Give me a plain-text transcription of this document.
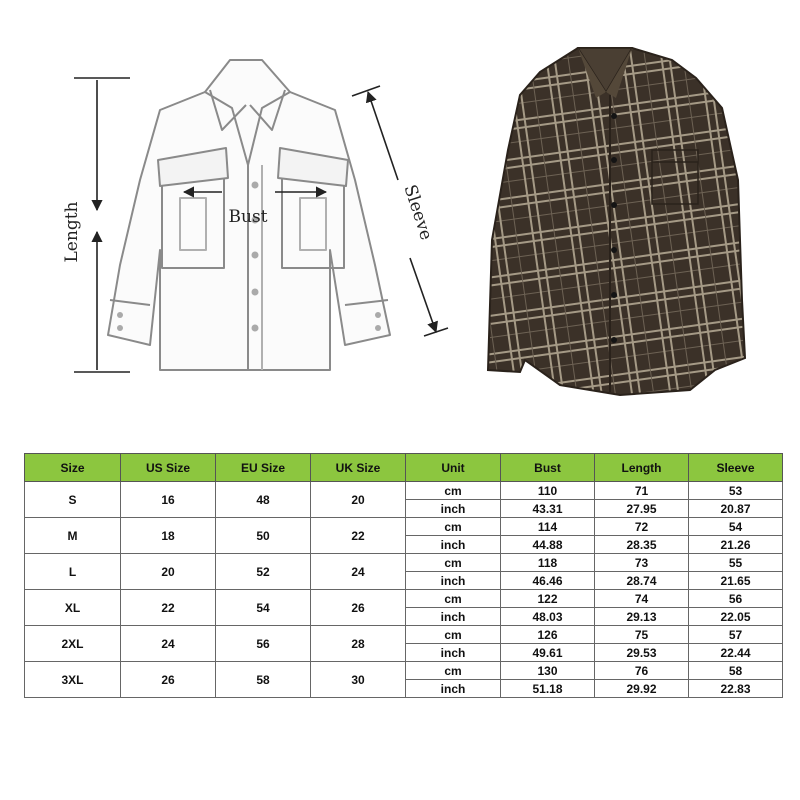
Length	Bust	Sleeve
Size	US Size	EU Size	UK Size	Unit	Bust	Length	Sleeve
S	16	48	20	cm	110	71	53
				inch	43.31	27.95	20.87
M	18	50	22	cm	114	72	54
				inch	44.88	28.35	21.26
L	20	52	24	cm	118	73	55
				inch	46.46	28.74	21.65
XL	22	54	26	cm	122	74	56
				inch	48.03	29.13	22.05
2XL	24	56	28	cm	126	75	57
				inch	49.61	29.53	22.44
3XL	26	58	30	cm	130	76	58
				inch	51.18	29.92	22.83
